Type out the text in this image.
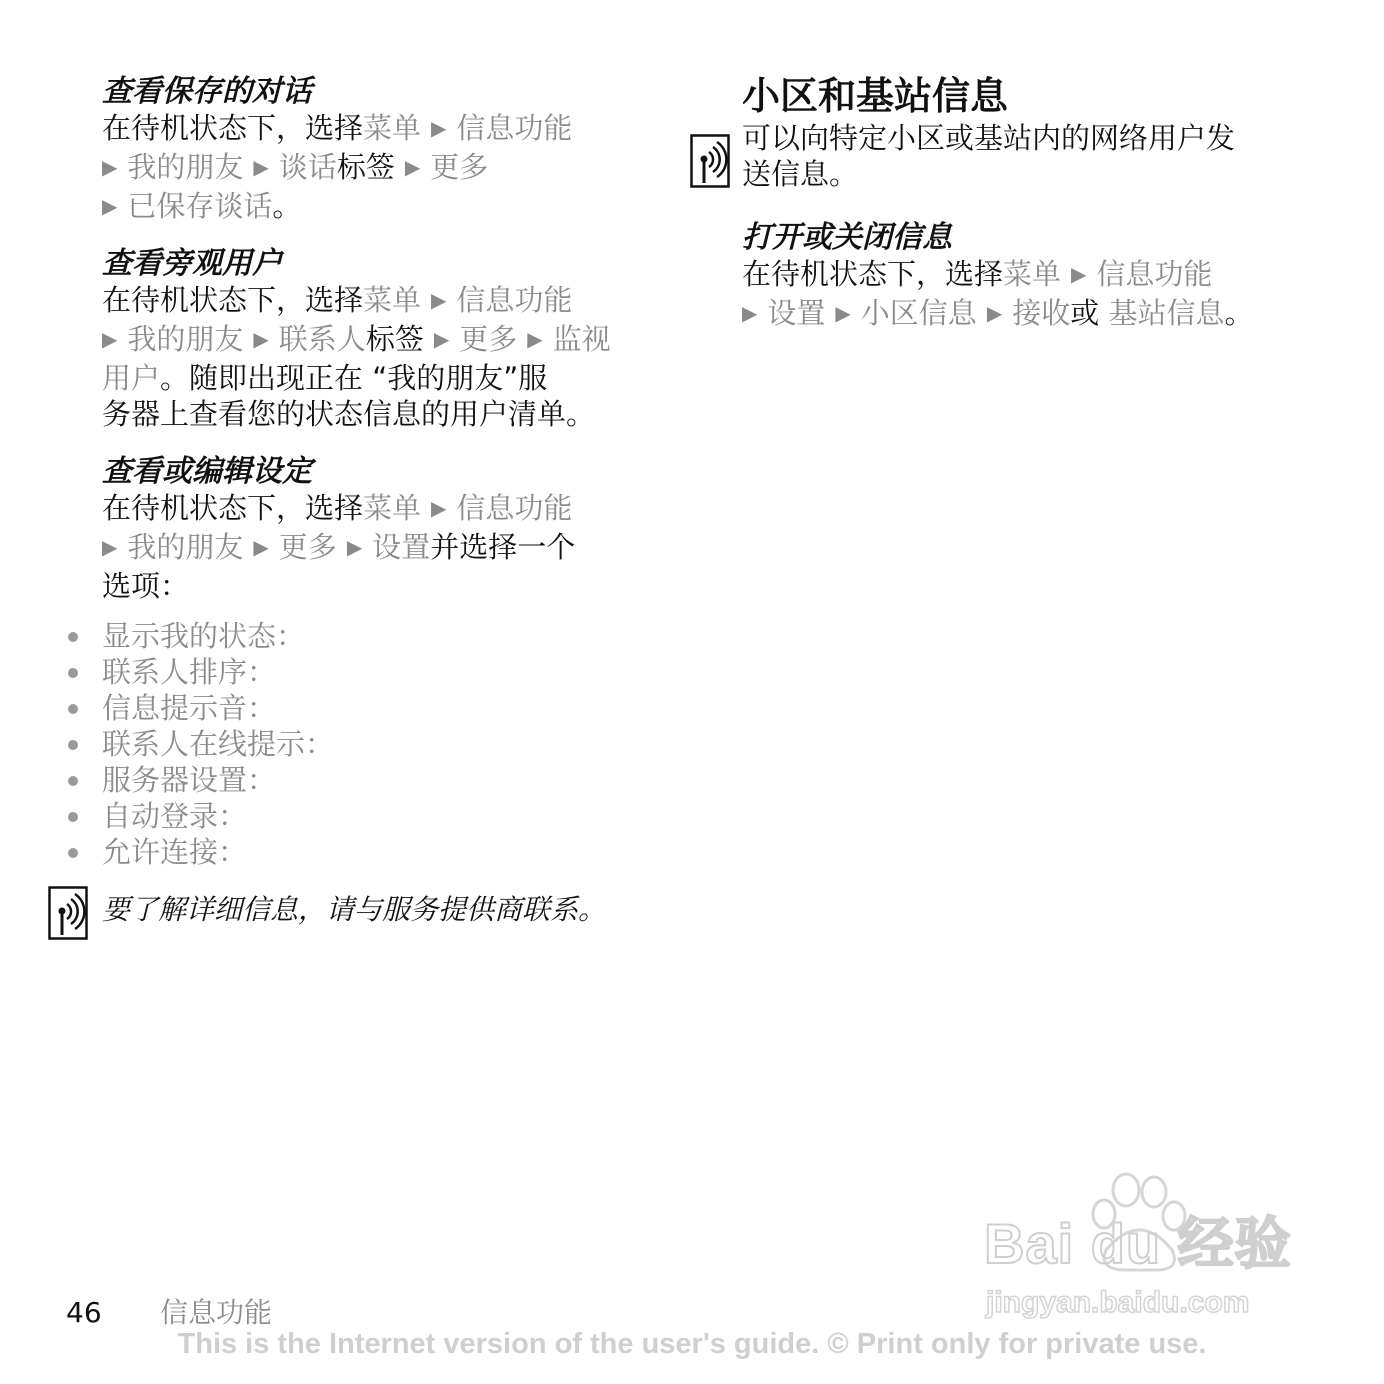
查看保存的对话
在待机状态下，选择菜单 ▶ 信息功能
▶ 我的朋友 ▶ 谈话标签 ▶ 更多
▶ 已保存谈话。
查看旁观用户
在待机状态下，选择菜单 ▶ 信息功能
▶ 我的朋友 ▶ 联系人标签 ▶ 更多 ▶ 监视
用户。随即出现正在 “我的朋友”服
务器上查看您的状态信息的用户清单。
查看或编辑设定
在待机状态下，选择菜单 ▶ 信息功能
▶ 我的朋友 ▶ 更多 ▶ 设置并选择一个
选项：
显示我的状态：
联系人排序：
信息提示音：
联系人在线提示：
服务器设置：
自动登录：
允许连接：
要了解详细信息，请与服务提供商联系。
小区和基站信息
可以向特定小区或基站内的网络用户发
送信息。
打开或关闭信息
在待机状态下，选择菜单 ▶ 信息功能
▶ 设置 ▶ 小区信息 ▶ 接收或 基站信息。
Bai du 经验
jingyan.baidu.com
46 信息功能
This is the Internet version of the user's guide. © Print only for private use.
